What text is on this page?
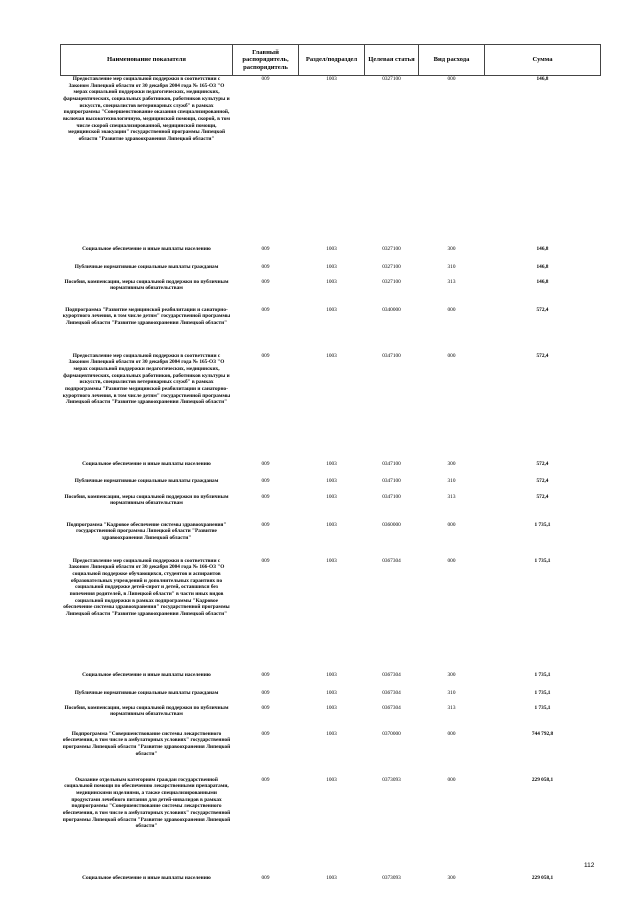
Наименование показателя	Главный распорядитель, распорядитель	Раздел/подраздел	Целевая статья	Вид расхода	Сумма
Предоставление мер социальной поддержки в соответствии с Законом Липецкой области от 30 декабря 2004 года № 165-ОЗ "О мерах социальной поддержки педагогических, медицинских, фармацевтических, социальных работников, работников культуры и искусств, специалистов ветеринарных служб" в рамках подпрограммы "Совершенствование оказания специализированной, включая высокотехнологичную, медицинской помощи, скорой, в том числе скорой специализированной, медицинской помощи, медицинской эвакуации" государственной программы Липецкой области "Развитие здравоохранения Липецкой области"	009	1003	0327100	000	146,8
Социальное обеспечение и иные выплаты населению	009	1003	0327100	300	146,8
Публичные нормативные социальные выплаты гражданам	009	1003	0327100	310	146,8
Пособия, компенсации, меры социальной поддержки по публичным нормативным обязательствам	009	1003	0327100	313	146,8
Подпрограмма "Развитие медицинской реабилитации и санаторно-курортного лечения, в том числе детям" государственной программы Липецкой области "Развитие здравоохранения Липецкой области"	009	1003	0340000	000	572,4
Предоставление мер социальной поддержки в соответствии с Законом Липецкой области от 30 декабря 2004 года № 165-ОЗ "О мерах социальной поддержки педагогических, медицинских, фармацевтических, социальных работников, работников культуры и искусств, специалистов ветеринарных служб" в рамках подпрограммы "Развитие медицинской реабилитации и санаторно-курортного лечения, в том числе детям" государственной программы Липецкой области "Развитие здравоохранения Липецкой области"	009	1003	0347100	000	572,4
Социальное обеспечение и иные выплаты населению	009	1003	0347100	300	572,4
Публичные нормативные социальные выплаты гражданам	009	1003	0347100	310	572,4
Пособия, компенсации, меры социальной поддержки по публичным нормативным обязательствам	009	1003	0347100	313	572,4
Подпрограмма "Кадровое обеспечение системы здравоохранения" государственной программы Липецкой области "Развитие здравоохранения Липецкой области"	009	1003	0360000	000	1 735,1
Предоставление мер социальной поддержки в соответствии с Законом Липецкой области от 30 декабря 2004 года № 166-ОЗ "О социальной поддержке обучающихся, студентов и аспирантов образовательных учреждений и дополнительных гарантиях по социальной поддержке детей-сирот и детей, оставшихся без попечения родителей, в Липецкой области" в части иных видов социальной поддержки в рамках подпрограммы "Кадровое обеспечение системы здравоохранения" государственной программы Липецкой области "Развитие здравоохранения Липецкой области"	009	1003	0367304	000	1 735,1
Социальное обеспечение и иные выплаты населению	009	1003	0367304	300	1 735,1
Публичные нормативные социальные выплаты гражданам	009	1003	0367304	310	1 735,1
Пособия, компенсации, меры социальной поддержки по публичным нормативным обязательствам	009	1003	0367304	313	1 735,1
Подпрограмма "Совершенствование системы лекарственного обеспечения, в том числе в амбулаторных условиях" государственной программы Липецкой области "Развитие здравоохранения Липецкой области"	009	1003	0370000	000	744 792,8
Оказание отдельным категориям граждан государственной социальной помощи по обеспечению лекарственными препаратами, медицинскими изделиями, а также специализированными продуктами лечебного питания для детей-инвалидов в рамках подпрограммы "Совершенствование системы лекарственного обеспечения, в том числе в амбулаторных условиях" государственной программы Липецкой области "Развитие здравоохранения Липецкой области"	009	1003	0373093	000	229 058,1
Социальное обеспечение и иные выплаты населению	009	1003	0373093	300	229 058,1
112
